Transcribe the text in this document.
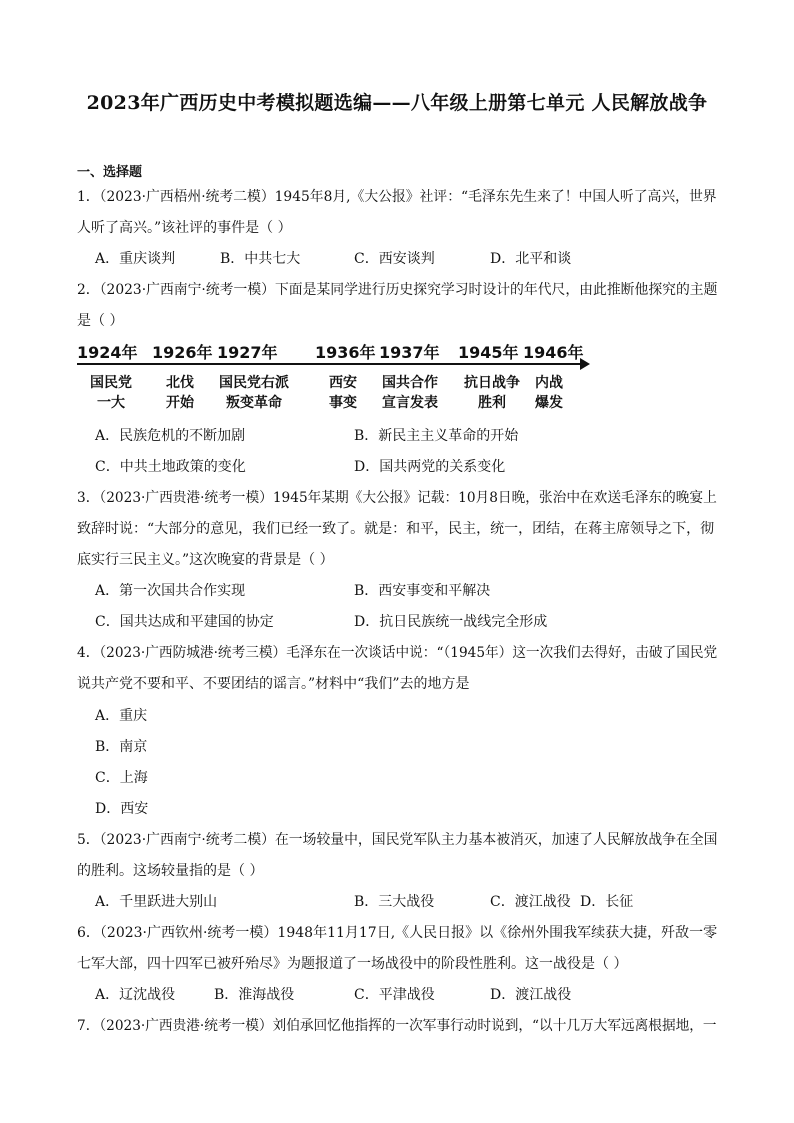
2023年广西历史中考模拟题选编——八年级上册第七单元 人民解放战争
一、选择题
1．（2023·广西梧州·统考二模）1945年8月,《大公报》社评：“毛泽东先生来了！中国人听了高兴，世界
人听了高兴。”该社评的事件是（ ）
A．重庆谈判	B．中共七大	C．西安谈判	D．北平和谈
2．（2023·广西南宁·统考一模）下面是某同学进行历史探究学习时设计的年代尺，由此推断他探究的主题
是（ ）
1924年 1926年 1927年 1936年 1937年 1945年 1946年
国民党
一大
北伐
开始
国民党右派
叛变革命
西安
事变
国共合作
宣言发表
抗日战争
胜利
内战
爆发
A．民族危机的不断加剧	B．新民主主义革命的开始
C．中共土地政策的变化	D．国共两党的关系变化
3．（2023·广西贵港·统考一模）1945年某期《大公报》记载：10月8日晚，张治中在欢送毛泽东的晚宴上
致辞时说：“大部分的意见，我们已经一致了。就是：和平，民主，统一，团结，在蒋主席领导之下，彻
底实行三民主义。”这次晚宴的背景是（ ）
A．第一次国共合作实现	B．西安事变和平解决
C．国共达成和平建国的协定	D．抗日民族统一战线完全形成
4．（2023·广西防城港·统考三模）毛泽东在一次谈话中说：“（1945年）这一次我们去得好，击破了国民党
说共产党不要和平、不要团结的谣言。”材料中“我们”去的地方是
A．重庆
B．南京
C．上海
D．西安
5．（2023·广西南宁·统考二模）在一场较量中，国民党军队主力基本被消灭，加速了人民解放战争在全国
的胜利。这场较量指的是（ ）
A．千里跃进大别山	B．三大战役	C．渡江战役 D．长征
6．（2023·广西钦州·统考一模）1948年11月17日,《人民日报》以《徐州外围我军续获大捷，歼敌一零
七军大部，四十四军已被歼殆尽》为题报道了一场战役中的阶段性胜利。这一战役是（ ）
A．辽沈战役	B．淮海战役	C．平津战役	D．渡江战役
7．（2023·广西贵港·统考一模）刘伯承回忆他指挥的一次军事行动时说到，“以十几万大军远离根据地，一
